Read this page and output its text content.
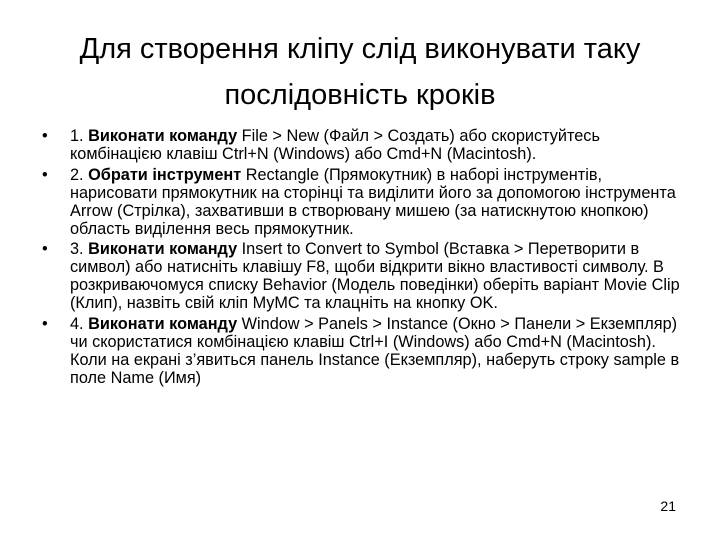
Для створення кліпу слід виконувати таку
послідовність кроків
•	1. Виконати команду File > New (Файл > Создать) або скористуйтесь комбінацією клавіш Ctrl+N (Windows) або Cmd+N (Macintosh).
•	2. Обрати інструмент Rectangle (Прямокутник) в наборі інструментів, нарисовати прямокутник на сторінці та виділити його за допомогою інструмента Arrow (Стрілка), захвативши в створювану мишею (за натискнутою кнопкою) область виділення весь прямокутник.
•	3. Виконати команду Insert to Convert to Symbol (Вставка > Перетворити в символ) або натисніть клавішу F8, щоби відкрити вікно властивості символу. В розкриваючомуся списку Behavior (Модель поведінки) оберіть варіант Movie Clip (Клип), назвіть свій кліп MyMC та клацніть на кнопку OK.
•	4. Виконати команду Window > Panels > Instance (Окно > Панели > Екземпляр) чи скористатися комбінацією клавіш Ctrl+I (Windows) або Cmd+N (Macintosh). Коли на екрані з’явиться панель Instance (Екземпляр), наберуть строку sample в поле Name (Имя)
21
